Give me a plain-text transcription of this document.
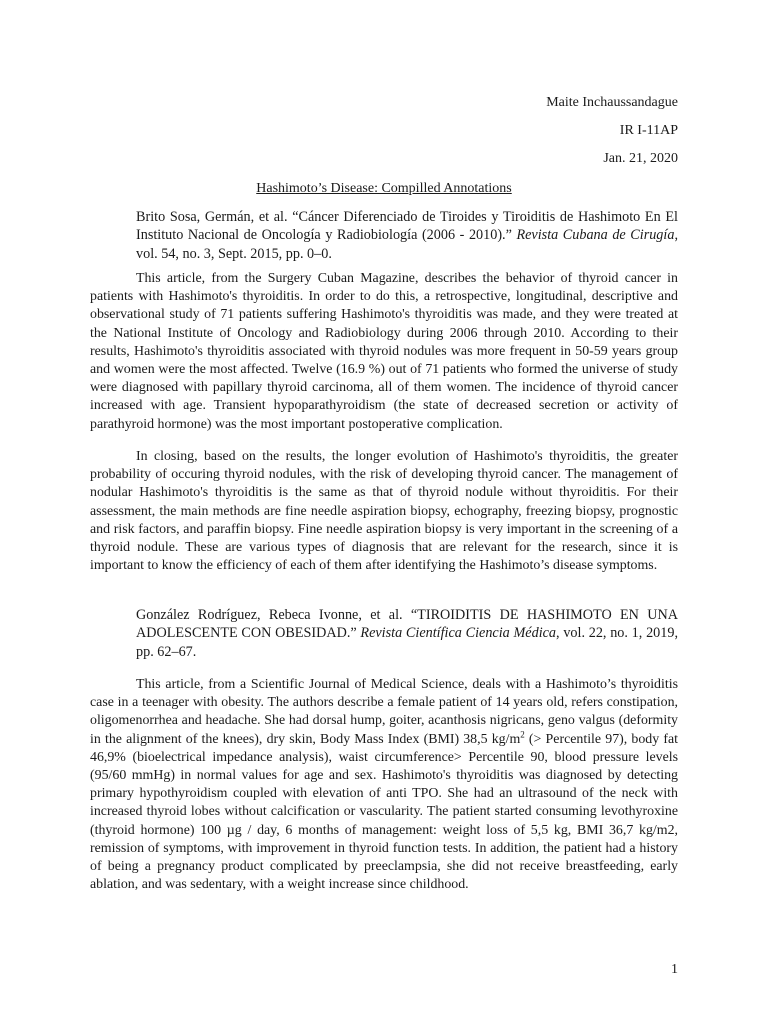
Maite Inchaussandague
IR I-11AP
Jan. 21, 2020
Hashimoto’s Disease: Compilled Annotations
Brito Sosa, Germán, et al. “Cáncer Diferenciado de Tiroides y Tiroiditis de Hashimoto En El Instituto Nacional de Oncología y Radiobiología (2006 - 2010).” Revista Cubana de Cirugía, vol. 54, no. 3, Sept. 2015, pp. 0–0.
This article, from the Surgery Cuban Magazine, describes the behavior of thyroid cancer in patients with Hashimoto's thyroiditis. In order to do this, a retrospective, longitudinal, descriptive and observational study of 71 patients suffering Hashimoto's thyroiditis was made, and they were treated at the National Institute of Oncology and Radiobiology during 2006 through 2010. According to their results, Hashimoto's thyroiditis associated with thyroid nodules was more frequent in 50-59 years group and women were the most affected. Twelve (16.9 %) out of 71 patients who formed the universe of study were diagnosed with papillary thyroid carcinoma, all of them women. The incidence of thyroid cancer increased with age. Transient hypoparathyroidism (the state of decreased secretion or activity of parathyroid hormone) was the most important postoperative complication.
In closing, based on the results, the longer evolution of Hashimoto's thyroiditis, the greater probability of occuring thyroid nodules, with the risk of developing thyroid cancer. The management of nodular Hashimoto's thyroiditis is the same as that of thyroid nodule without thyroiditis. For their assessment, the main methods are fine needle aspiration biopsy, echography, freezing biopsy, prognostic and risk factors, and paraffin biopsy. Fine needle aspiration biopsy is very important in the screening of a thyroid nodule. These are various types of diagnosis that are relevant for the research, since it is important to know the efficiency of each of them after identifying the Hashimoto’s disease symptoms.
González Rodríguez, Rebeca Ivonne, et al. “TIROIDITIS DE HASHIMOTO EN UNA ADOLESCENTE CON OBESIDAD.” Revista Científica Ciencia Médica, vol. 22, no. 1, 2019, pp. 62–67.
This article, from a Scientific Journal of Medical Science, deals with a Hashimoto’s thyroiditis case in a teenager with obesity. The authors describe a female patient of 14 years old, refers constipation, oligomenorrhea and headache. She had dorsal hump, goiter, acanthosis nigricans, geno valgus (deformity in the alignment of the knees), dry skin, Body Mass Index (BMI) 38,5 $kg/m^2$ (> Percentile 97), body fat 46,9% (bioelectrical impedance analysis), waist circumference> Percentile 90, blood pressure levels (95/60 mmHg) in normal values for age and sex. Hashimoto's thyroiditis was diagnosed by detecting primary hypothyroidism coupled with elevation of anti TPO. She had an ultrasound of the neck with increased thyroid lobes without calcification or vascularity. The patient started consuming levothyroxine (thyroid hormone) 100 µg / day, 6 months of management: weight loss of 5,5 kg, BMI 36,7 kg/m2, remission of symptoms, with improvement in thyroid function tests. In addition, the patient had a history of being a pregnancy product complicated by preeclampsia, she did not receive breastfeeding, early ablation, and was sedentary, with a weight increase since childhood.
1
